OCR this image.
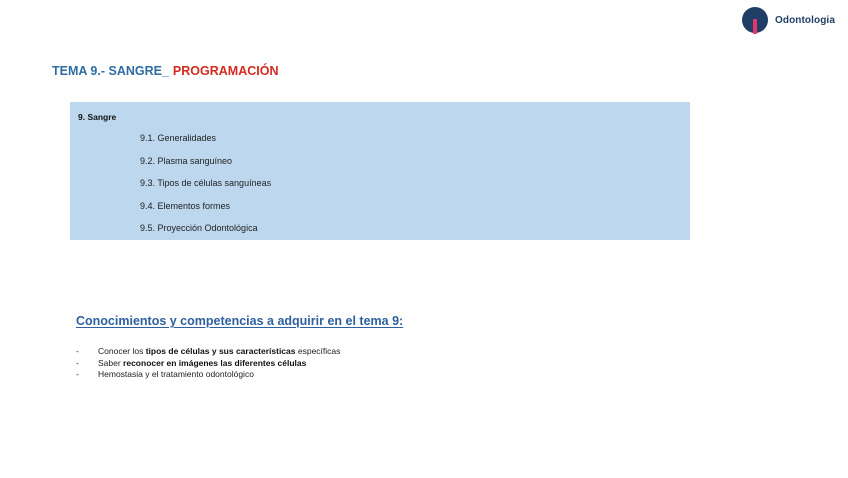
Odontologia
TEMA 9.- SANGRE_ PROGRAMACIÓN
9. Sangre
9.1. Generalidades
9.2. Plasma sanguíneo
9.3. Tipos de células sanguíneas
9.4. Elementos formes
9.5. Proyección Odontológica
Conocimientos y competencias a adquirir en el tema 9:
-	Conocer los tipos de células y sus características específicas
-	Saber reconocer en imágenes las diferentes células
-	Hemostasia y el tratamiento odontológico
